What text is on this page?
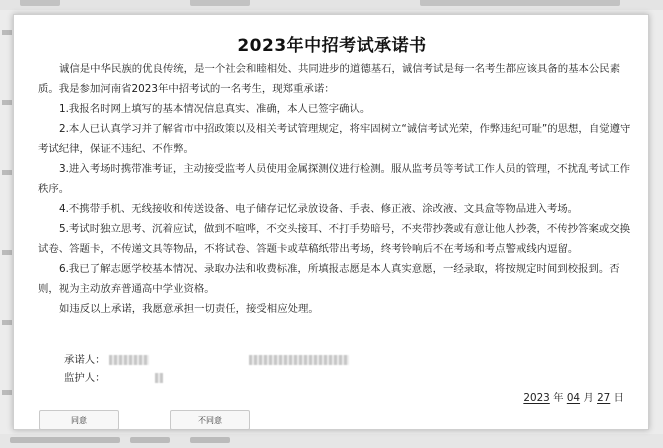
2023年中招考试承诺书

诚信是中华民族的优良传统，是一个社会和睦相处、共同进步的道德基石，诚信考试是每一名考生都应该具备的基本公民素质。我是参加河南省2023年中招考试的一名考生，现郑重承诺：

1.我报名时网上填写的基本情况信息真实、准确，本人已签字确认。

2.本人已认真学习并了解省市中招政策以及相关考试管理规定，将牢固树立“诚信考试光荣，作弊违纪可耻”的思想，自觉遵守考试纪律，保证不违纪、不作弊。

3.进入考场时携带准考证，主动接受监考人员使用金属探测仪进行检测。服从监考员等考试工作人员的管理，不扰乱考试工作秩序。

4.不携带手机、无线接收和传送设备、电子储存记忆录放设备、手表、修正液、涂改液、文具盒等物品进入考场。

5.考试时独立思考、沉着应试，做到不喧哗，不交头接耳、不打手势暗号，不夹带抄袭或有意让他人抄袭，不传抄答案或交换试卷、答题卡，不传递文具等物品，不将试卷、答题卡或草稿纸带出考场，终考铃响后不在考场和考点警戒线内逗留。

6.我已了解志愿学校基本情况、录取办法和收费标准，所填报志愿是本人真实意愿，一经录取，将按规定时间到校报到。否则，视为主动放弃普通高中学业资格。

如违反以上承诺，我愿意承担一切责任，接受相应处理。

承诺人：
监护人：
2023 年 04 月 27 日
同意	不同意
